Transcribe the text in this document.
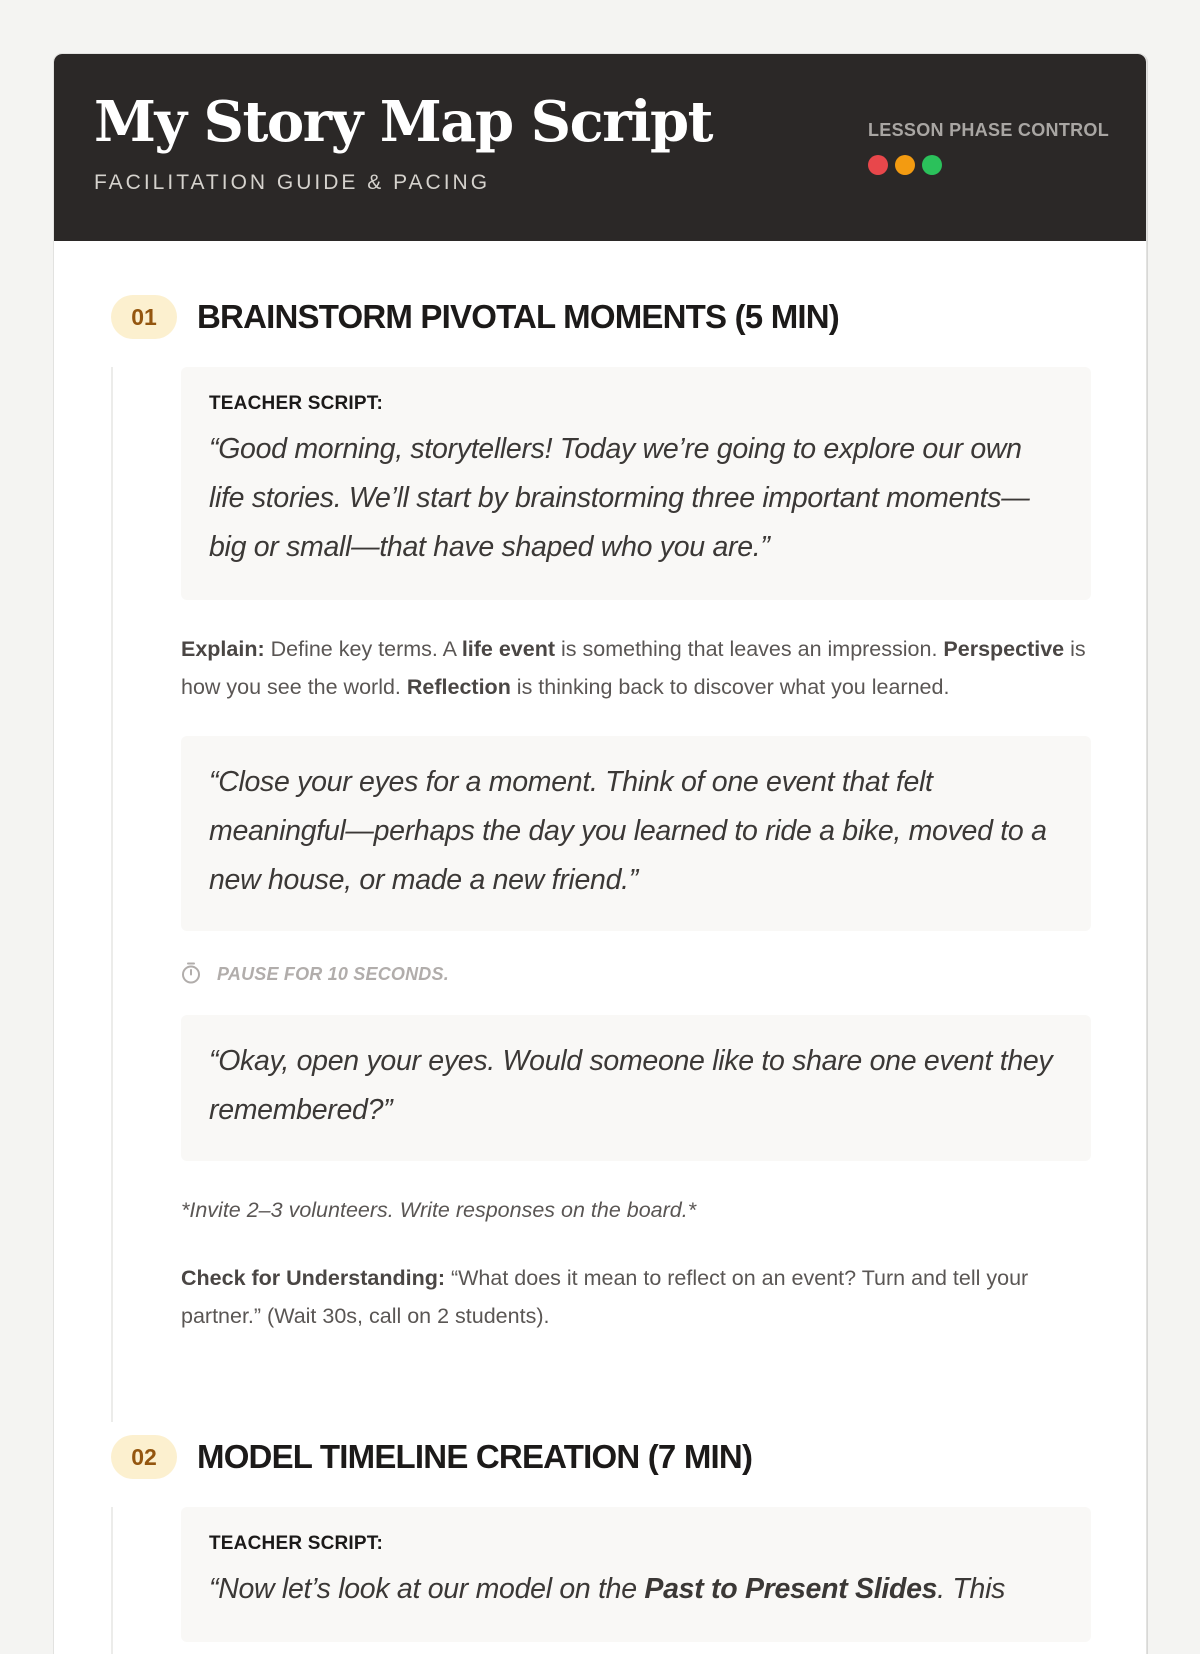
My Story Map Script
FACILITATION GUIDE & PACING
LESSON PHASE CONTROL
01	BRAINSTORM PIVOTAL MOMENTS (5 MIN)
TEACHER SCRIPT:
“Good morning, storytellers! Today we’re going to explore our own life stories. We’ll start by brainstorming three important moments—big or small—that have shaped who you are.”

Explain: Define key terms. A life event is something that leaves an impression. Perspective is how you see the world. Reflection is thinking back to discover what you learned.

“Close your eyes for a moment. Think of one event that felt meaningful—perhaps the day you learned to ride a bike, moved to a new house, or made a new friend.”
PAUSE FOR 10 SECONDS.
“Okay, open your eyes. Would someone like to share one event they remembered?”

*Invite 2–3 volunteers. Write responses on the board.*

Check for Understanding: “What does it mean to reflect on an event? Turn and tell your partner.” (Wait 30s, call on 2 students).

02	MODEL TIMELINE CREATION (7 MIN)
TEACHER SCRIPT:
“Now let’s look at our model on the Past to Present Slides. This
